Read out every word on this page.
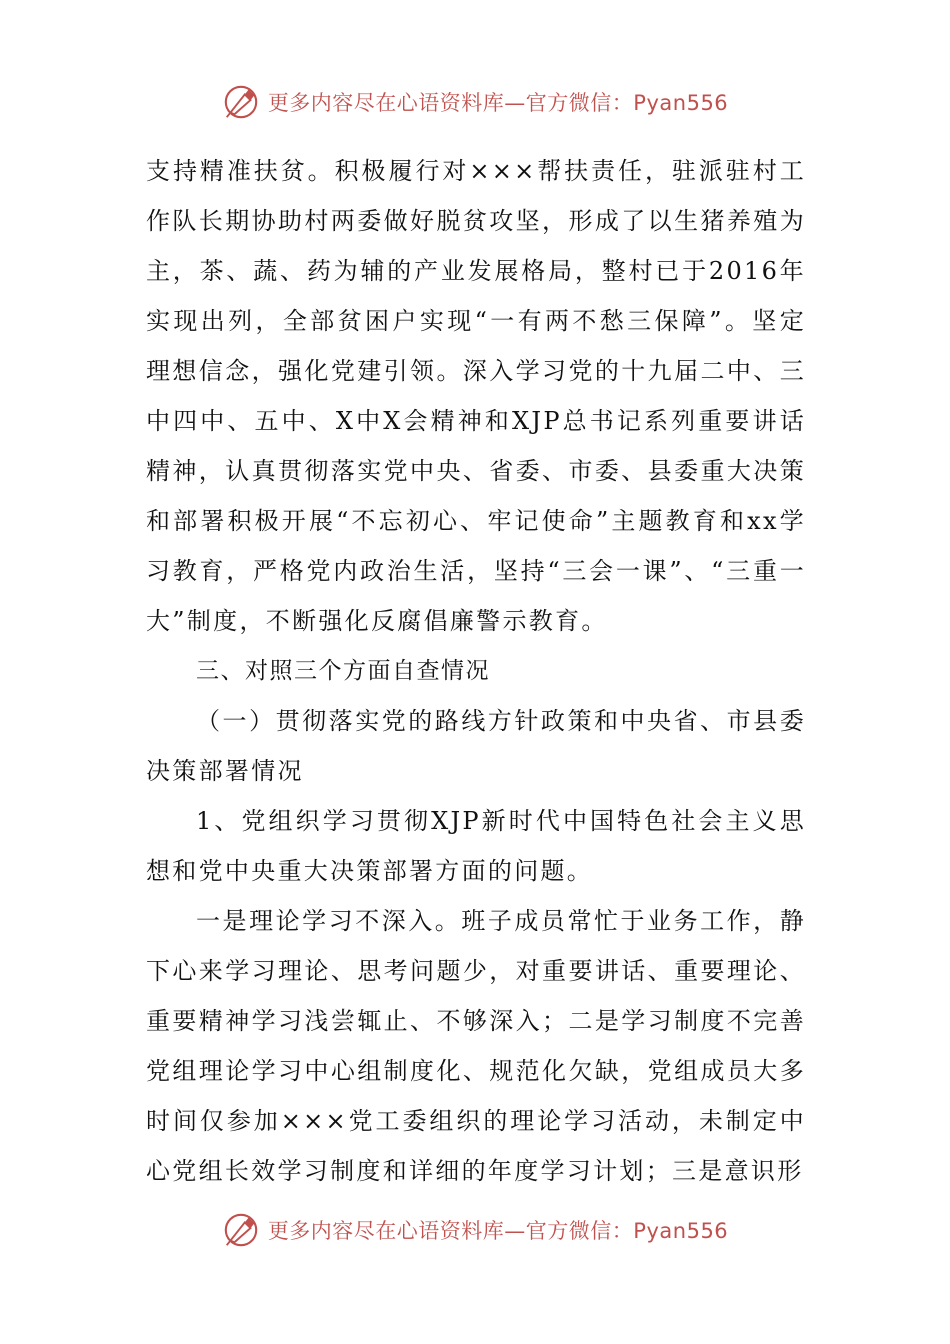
更多内容尽在心语资料库—官方微信：Pyan556

支持精准扶贫。积极履行对×××帮扶责任，驻派驻村工作队长期协助村两委做好脱贫攻坚，形成了以生猪养殖为主，茶、蔬、药为辅的产业发展格局，整村已于2016年实现出列，全部贫困户实现“一有两不愁三保障”。坚定理想信念，强化党建引领。深入学习党的十九届二中、三中四中、五中、X中X会精神和XJP总书记系列重要讲话精神，认真贯彻落实党中央、省委、市委、县委重大决策和部署积极开展“不忘初心、牢记使命”主题教育和xx学习教育，严格党内政治生活，坚持“三会一课”、“三重一大”制度，不断强化反腐倡廉警示教育。

三、对照三个方面自查情况

（一）贯彻落实党的路线方针政策和中央省、市县委决策部署情况

1、党组织学习贯彻XJP新时代中国特色社会主义思想和党中央重大决策部署方面的问题。

一是理论学习不深入。班子成员常忙于业务工作，静下心来学习理论、思考问题少，对重要讲话、重要理论、重要精神学习浅尝辄止、不够深入；二是学习制度不完善党组理论学习中心组制度化、规范化欠缺，党组成员大多时间仅参加×××党工委组织的理论学习活动，未制定中心党组长效学习制度和详细的年度学习计划；三是意识形

更多内容尽在心语资料库—官方微信：Pyan556
